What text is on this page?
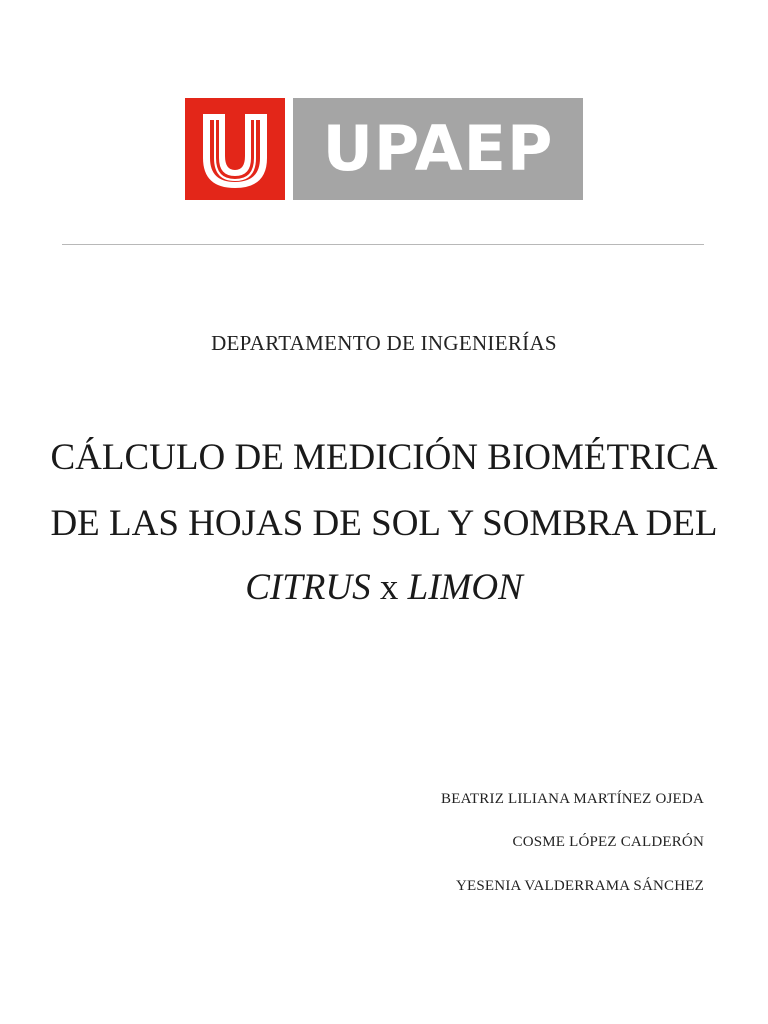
UPAEP
DEPARTAMENTO DE INGENIERÍAS
CÁLCULO DE MEDICIÓN BIOMÉTRICA
DE LAS HOJAS DE SOL Y SOMBRA DEL
CITRUS x LIMON
BEATRIZ LILIANA MARTÍNEZ OJEDA
COSME LÓPEZ CALDERÓN
YESENIA VALDERRAMA SÁNCHEZ
